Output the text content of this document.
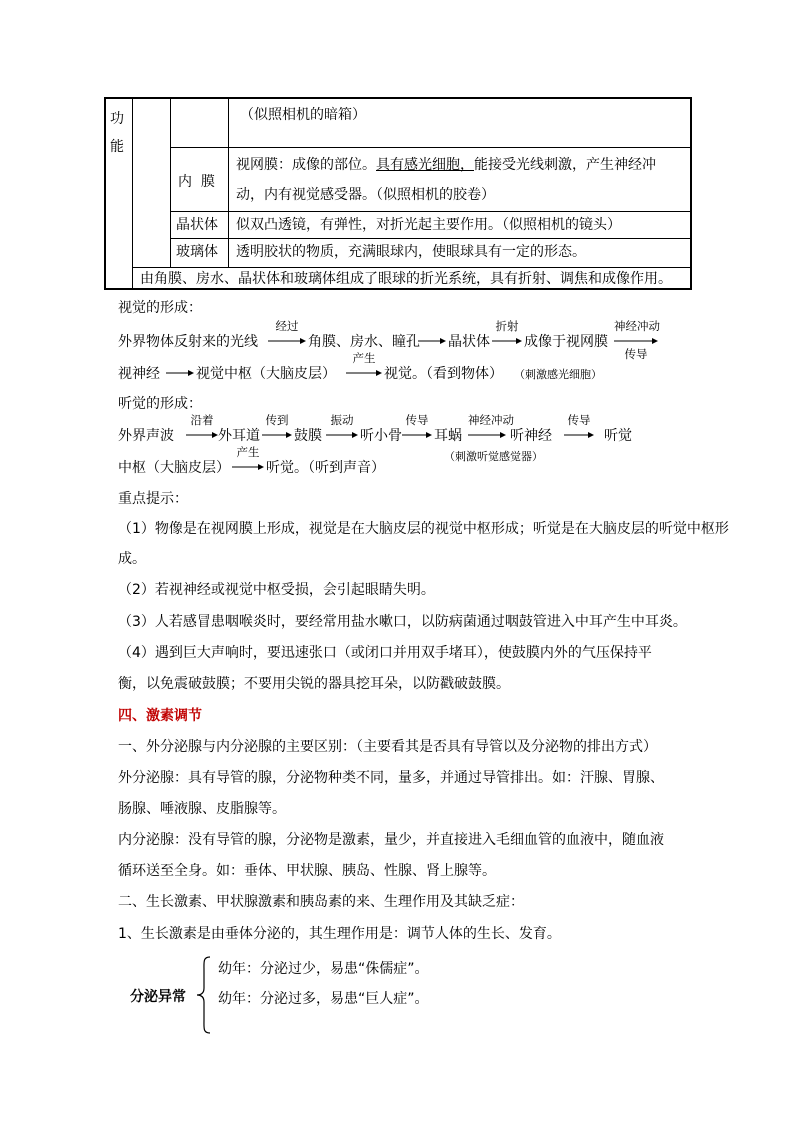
功能
（似照相机的暗箱）
内  膜
视网膜：成像的部位。具有感光细胞，能接受光线刺激，产生神经冲
动，内有视觉感受器。（似照相机的胶卷）
晶状体 似双凸透镜，有弹性，对折光起主要作用。（似照相机的镜头）
玻璃体 透明胶状的物质，充满眼球内，使眼球具有一定的形态。
由角膜、房水、晶状体和玻璃体组成了眼球的折光系统，具有折射、调焦和成像作用。
视觉的形成：
外界物体反射来的光线
经过
角膜、房水、瞳孔 晶状体
折射
成像于视网膜
神经冲动
传导
视神经	视觉中枢（大脑皮层）
产生
视觉。（看到物体） （刺激感光细胞）
听觉的形成：
外界声波
沿着
外耳道
传到
鼓膜
振动
听小骨
传导
耳蜗
神经冲动
听神经
传导
听觉
（刺激听觉感觉器）
中枢（大脑皮层）
产生
听觉。（听到声音）
重点提示：
（1）物像是在视网膜上形成，视觉是在大脑皮层的视觉中枢形成；听觉是在大脑皮层的听觉中枢形
成。
（2）若视神经或视觉中枢受损，会引起眼睛失明。
（3）人若感冒患咽喉炎时，要经常用盐水嗽口，以防病菌通过咽鼓管进入中耳产生中耳炎。
（4）遇到巨大声响时，要迅速张口（或闭口并用双手堵耳），使鼓膜内外的气压保持平
衡，以免震破鼓膜；不要用尖锐的器具挖耳朵，以防戳破鼓膜。
四、激素调节
一、外分泌腺与内分泌腺的主要区别：（主要看其是否具有导管以及分泌物的排出方式）
外分泌腺：具有导管的腺，分泌物种类不同，量多，并通过导管排出。如：汗腺、胃腺、
肠腺、唾液腺、皮脂腺等。
内分泌腺：没有导管的腺，分泌物是激素，量少，并直接进入毛细血管的血液中，随血液
循环送至全身。如：垂体、甲状腺、胰岛、性腺、肾上腺等。
二、生长激素、甲状腺激素和胰岛素的来、生理作用及其缺乏症：
1、生长激素是由垂体分泌的，其生理作用是：调节人体的生长、发育。
分泌异常
幼年：分泌过少，易患“侏儒症”。
幼年：分泌过多，易患“巨人症”。
